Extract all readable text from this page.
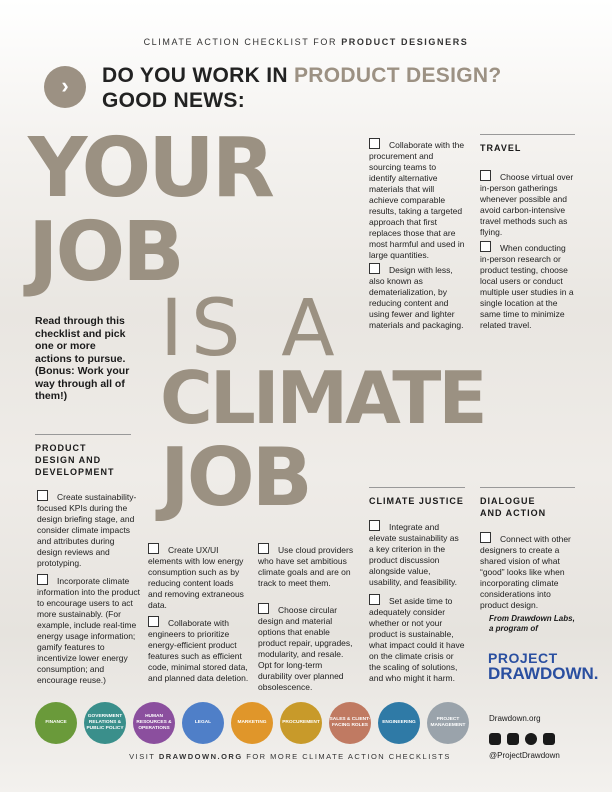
CLIMATE ACTION CHECKLIST FOR PRODUCT DESIGNERS
›	DO YOU WORK IN PRODUCT DESIGN?
GOOD NEWS:
YOUR
JOB
IS A
CLIMATE
JOB
Read through this checklist and pick one or more actions to pursue. (Bonus: Work your way through all of them!)
PRODUCT
DESIGN AND
DEVELOPMENT
Create sustainability-focused KPIs during the design briefing stage, and consider climate impacts and attributes during design reviews and prototyping.
Incorporate climate information into the product to encourage users to act more sustainably. (For example, include real-time energy usage information; gamify features to incentivize lower energy consumption; and encourage reuse.)
Create UX/UI elements with low energy consumption such as by reducing content loads and removing extraneous data.
Collaborate with engineers to prioritize energy-efficient product features such as efficient code, minimal stored data, and planned data deletion.
Use cloud providers who have set ambitious climate goals and are on track to meet them.
Choose circular design and material options that enable product repair, upgrades, modularity, and resale. Opt for long-term durability over planned obsolescence.
Collaborate with the procurement and sourcing teams to identify alternative materials that will achieve comparable results, taking a targeted approach that first replaces those that are most harmful and used in large quantities.
Design with less, also known as dematerialization, by reducing content and using fewer and lighter materials and packaging.
TRAVEL
Choose virtual over in-person gatherings whenever possible and avoid carbon-intensive travel methods such as flying.
When conducting in-person research or product testing, choose local users or conduct multiple user studies in a single location at the same time to minimize related travel.
CLIMATE JUSTICE
Integrate and elevate sustainability as a key criterion in the product discussion alongside value, usability, and feasibility.
Set aside time to adequately consider whether or not your product is sustainable, what impact could it have on the climate crisis or the scaling of solutions, and who might it harm.
DIALOGUE
AND ACTION
Connect with other designers to create a shared vision of what “good” looks like when incorporating climate considerations into product design.
From Drawdown Labs,
a program of
PROJECT
DRAWDOWN.
FINANCE
GOVERNMENT RELATIONS & PUBLIC POLICY
HUMAN RESOURCES & OPERATIONS
LEGAL	MARKETING	PROCUREMENT
SALES & CLIENT-FACING ROLES
ENGINEERING
PROJECT MANAGEMENT
Drawdown.org
@ProjectDrawdown
VISIT DRAWDOWN.ORG FOR MORE CLIMATE ACTION CHECKLISTS
